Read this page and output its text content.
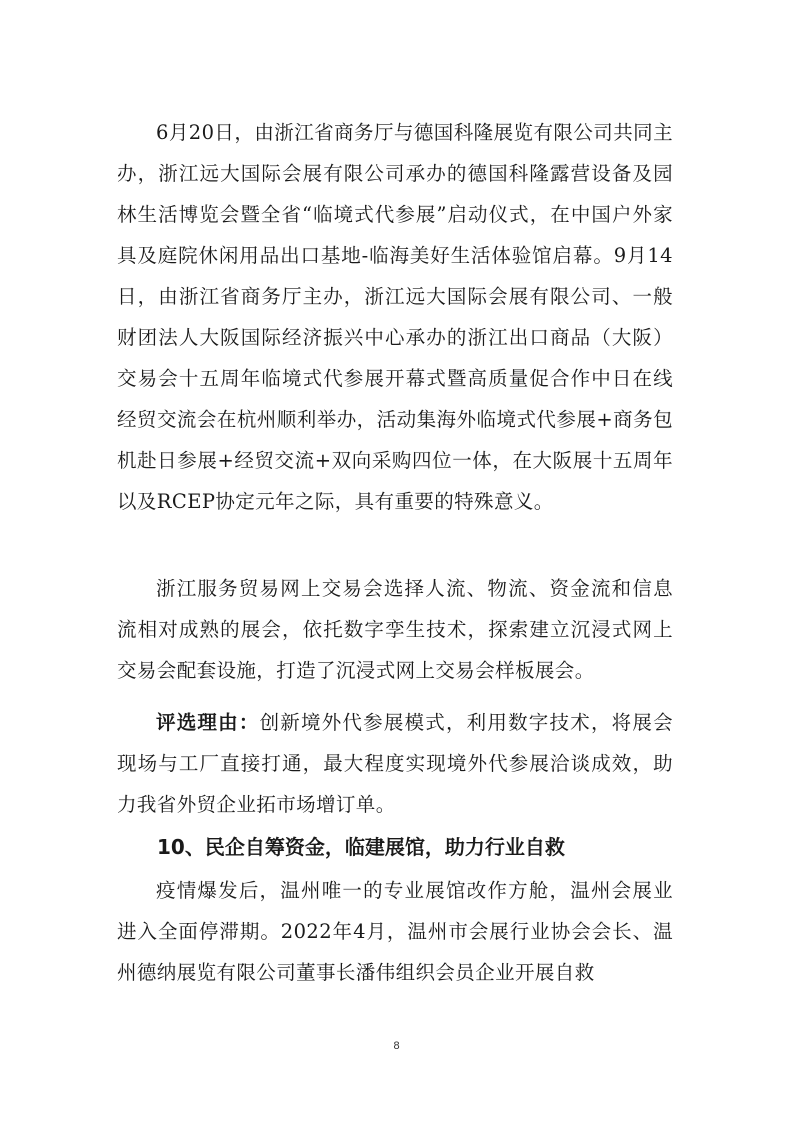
6月20日，由浙江省商务厅与德国科隆展览有限公司共同主办，浙江远大国际会展有限公司承办的德国科隆露营设备及园林生活博览会暨全省“临境式代参展”启动仪式，在中国户外家具及庭院休闲用品出口基地-临海美好生活体验馆启幕。9月14日，由浙江省商务厅主办，浙江远大国际会展有限公司、一般财团法人大阪国际经济振兴中心承办的浙江出口商品（大阪）交易会十五周年临境式代参展开幕式暨高质量促合作中日在线经贸交流会在杭州顺利举办，活动集海外临境式代参展+商务包机赴日参展+经贸交流+双向采购四位一体，在大阪展十五周年以及RCEP协定元年之际，具有重要的特殊意义。

浙江服务贸易网上交易会选择人流、物流、资金流和信息流相对成熟的展会，依托数字孪生技术，探索建立沉浸式网上交易会配套设施，打造了沉浸式网上交易会样板展会。

评选理由：创新境外代参展模式，利用数字技术，将展会现场与工厂直接打通，最大程度实现境外代参展洽谈成效，助力我省外贸企业拓市场增订单。

10、民企自筹资金，临建展馆，助力行业自救

疫情爆发后，温州唯一的专业展馆改作方舱，温州会展业进入全面停滞期。2022年4月，温州市会展行业协会会长、温州德纳展览有限公司董事长潘伟组织会员企业开展自救

8
